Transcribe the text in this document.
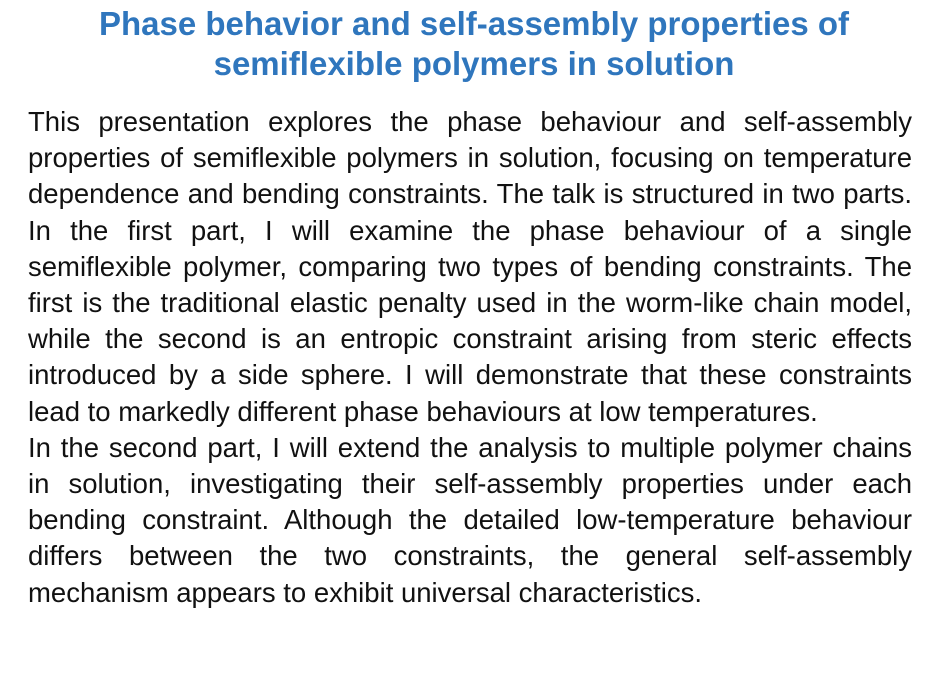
Phase behavior and self-assembly properties of semiflexible polymers in solution

This presentation explores the phase behaviour and self-assembly properties of semiflexible polymers in solution, focusing on temperature dependence and bending constraints. The talk is structured in two parts. In the first part, I will examine the phase behaviour of a single semiflexible polymer, comparing two types of bending constraints. The first is the traditional elastic penalty used in the worm-like chain model, while the second is an entropic constraint arising from steric effects introduced by a side sphere. I will demonstrate that these constraints lead to markedly different phase behaviours at low temperatures.

In the second part, I will extend the analysis to multiple polymer chains in solution, investigating their self-assembly properties under each bending constraint. Although the detailed low-temperature behaviour differs between the two constraints, the general self-assembly mechanism appears to exhibit universal characteristics.
